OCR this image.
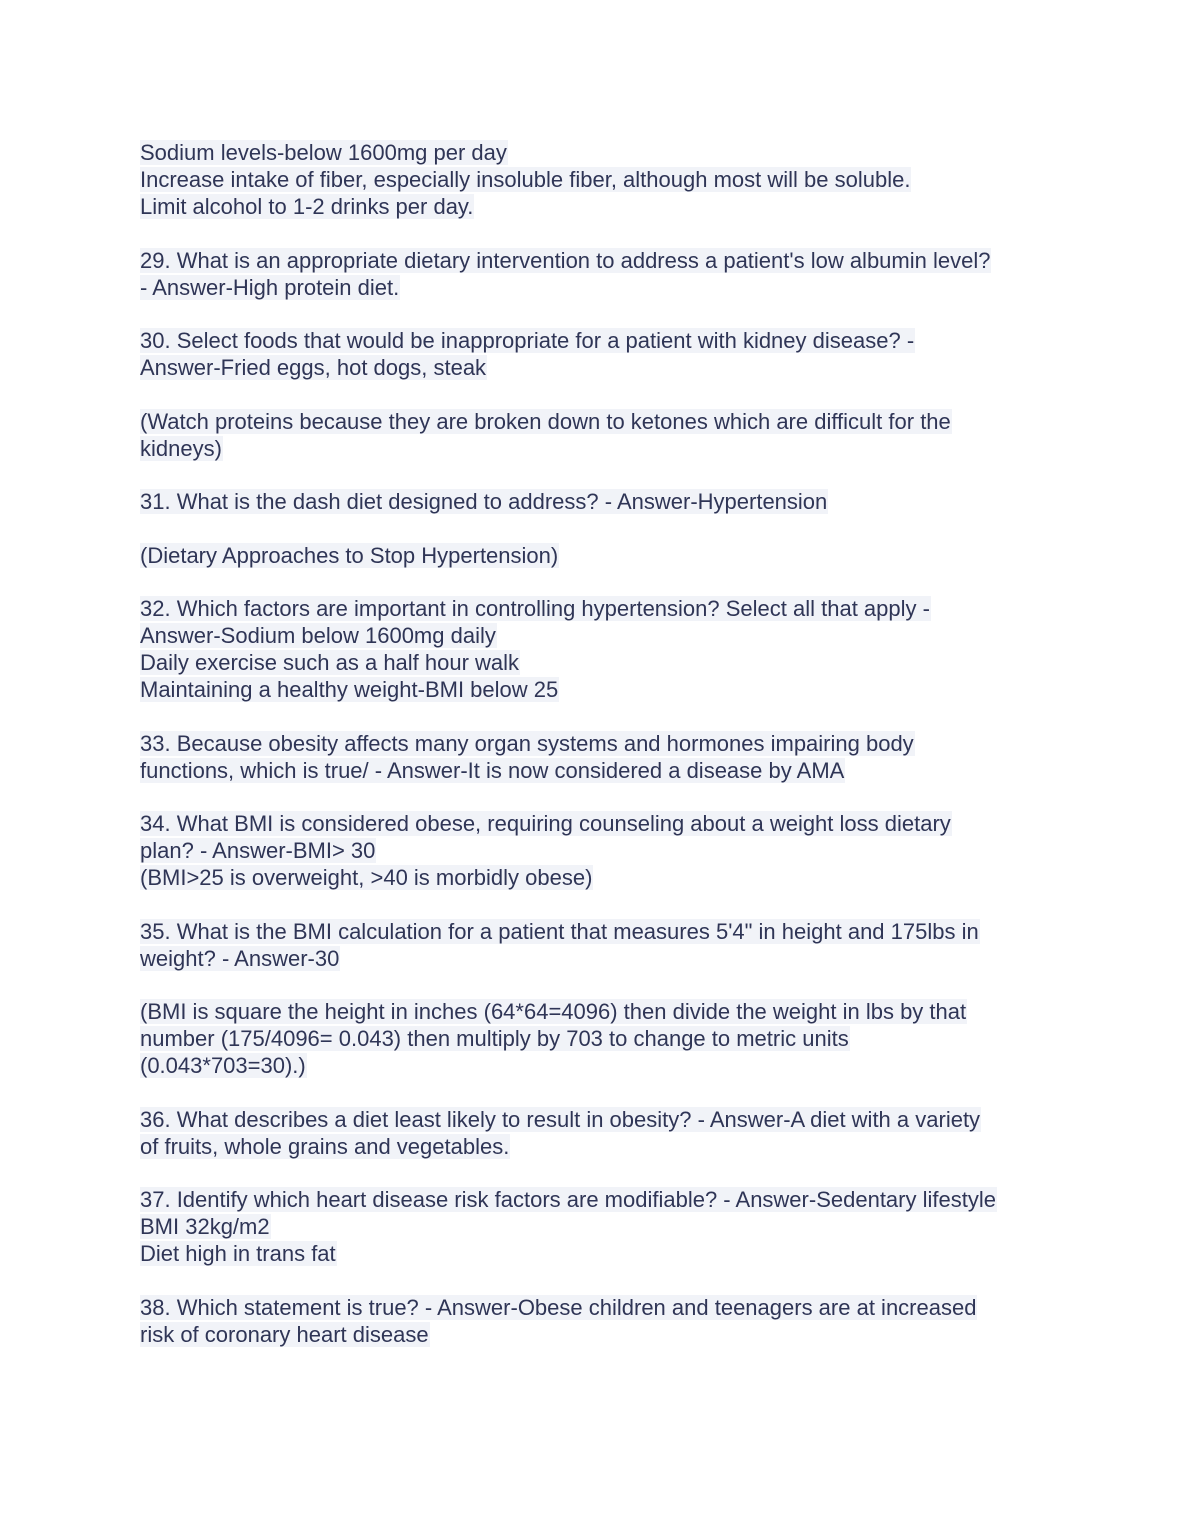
Sodium levels-below 1600mg per day
Increase intake of fiber, especially insoluble fiber, although most will be soluble.
Limit alcohol to 1-2 drinks per day.
29. What is an appropriate dietary intervention to address a patient's low albumin level?
- Answer-High protein diet.
30. Select foods that would be inappropriate for a patient with kidney disease? -
Answer-Fried eggs, hot dogs, steak
(Watch proteins because they are broken down to ketones which are difficult for the
kidneys)
31. What is the dash diet designed to address? - Answer-Hypertension
(Dietary Approaches to Stop Hypertension)
32. Which factors are important in controlling hypertension? Select all that apply -
Answer-Sodium below 1600mg daily
Daily exercise such as a half hour walk
Maintaining a healthy weight-BMI below 25
33. Because obesity affects many organ systems and hormones impairing body
functions, which is true/ - Answer-It is now considered a disease by AMA
34. What BMI is considered obese, requiring counseling about a weight loss dietary
plan? - Answer-BMI> 30
(BMI>25 is overweight, >40 is morbidly obese)
35. What is the BMI calculation for a patient that measures 5'4" in height and 175lbs in
weight? - Answer-30
(BMI is square the height in inches (64*64=4096) then divide the weight in lbs by that
number (175/4096= 0.043) then multiply by 703 to change to metric units
(0.043*703=30).)
36. What describes a diet least likely to result in obesity? - Answer-A diet with a variety
of fruits, whole grains and vegetables.
37. Identify which heart disease risk factors are modifiable? - Answer-Sedentary lifestyle
BMI 32kg/m2
Diet high in trans fat
38. Which statement is true? - Answer-Obese children and teenagers are at increased
risk of coronary heart disease
